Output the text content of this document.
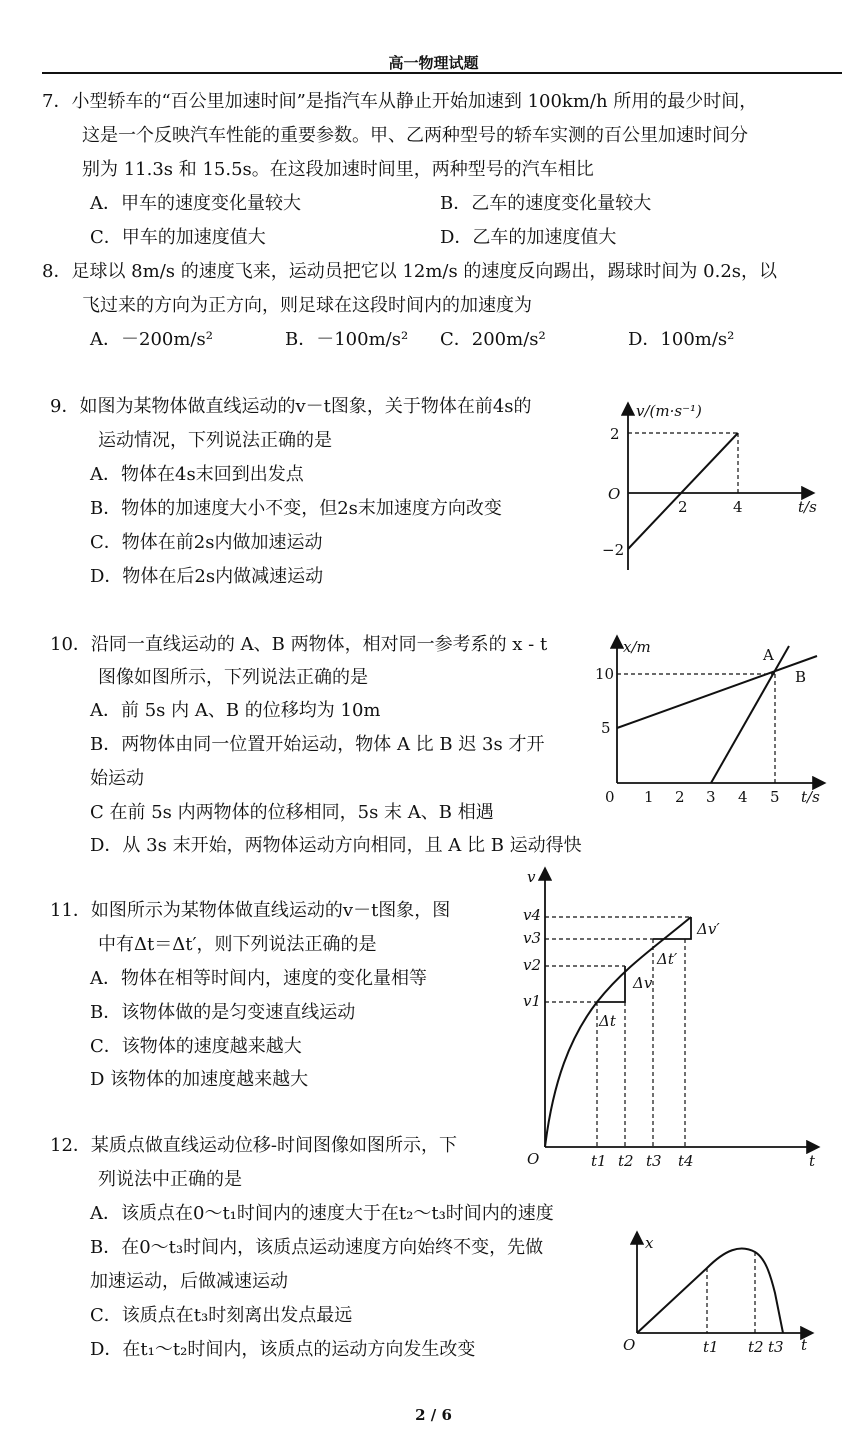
高一物理试题
7．小型轿车的“百公里加速时间”是指汽车从静止开始加速到 100km/h 所用的最少时间，
这是一个反映汽车性能的重要参数。甲、乙两种型号的轿车实测的百公里加速时间分
别为 11.3s 和 15.5s。在这段加速时间里，两种型号的汽车相比
A．甲车的速度变化量较大	B．乙车的速度变化量较大
C．甲车的加速度值大	D．乙车的加速度值大
8．足球以 8m/s 的速度飞来，运动员把它以 12m/s 的速度反向踢出，踢球时间为 0.2s，以
飞过来的方向为正方向，则足球在这段时间内的加速度为
A．－200m/s²	B．－100m/s² C．200m/s²	D．100m/s²
9．如图为某物体做直线运动的v－t图象，关于物体在前4s的
运动情况，下列说法正确的是
A．物体在4s末回到出发点
B．物体的加速度大小不变，但2s末加速度方向改变
C．物体在前2s内做加速运动
D．物体在后2s内做减速运动
v/(m·s⁻¹)
2
O
−2
2	4	t/s
10．沿同一直线运动的 A、B 两物体，相对同一参考系的 x - t
图像如图所示，下列说法正确的是
A．前 5s 内 A、B 的位移均为 10m
B．两物体由同一位置开始运动，物体 A 比 B 迟 3s 才开
始运动
C 在前 5s 内两物体的位移相同，5s 末 A、B 相遇
D．从 3s 末开始，两物体运动方向相同，且 A 比 B 运动得快
x/m
10
5
0 1 2 3 4 5 t/s
A
B
11．如图所示为某物体做直线运动的v－t图象，图
中有Δt＝Δt′，则下列说法正确的是
A．物体在相等时间内，速度的变化量相等
B．该物体做的是匀变速直线运动
C．该物体的速度越来越大
D 该物体的加速度越来越大
v
v4
v3
v2
v1
Δv′
Δt′
Δv
Δt
O	t1 t2 t3 t4	t
12．某质点做直线运动位移-时间图像如图所示，下
列说法中正确的是
A．该质点在0～t₁时间内的速度大于在t₂～t₃时间内的速度
B．在0～t₃时间内，该质点运动速度方向始终不变，先做
加速运动，后做减速运动
C．该质点在t₃时刻离出发点最远
D．在t₁～t₂时间内，该质点的运动方向发生改变
x
O	t1 t2 t3 t
2 / 6
